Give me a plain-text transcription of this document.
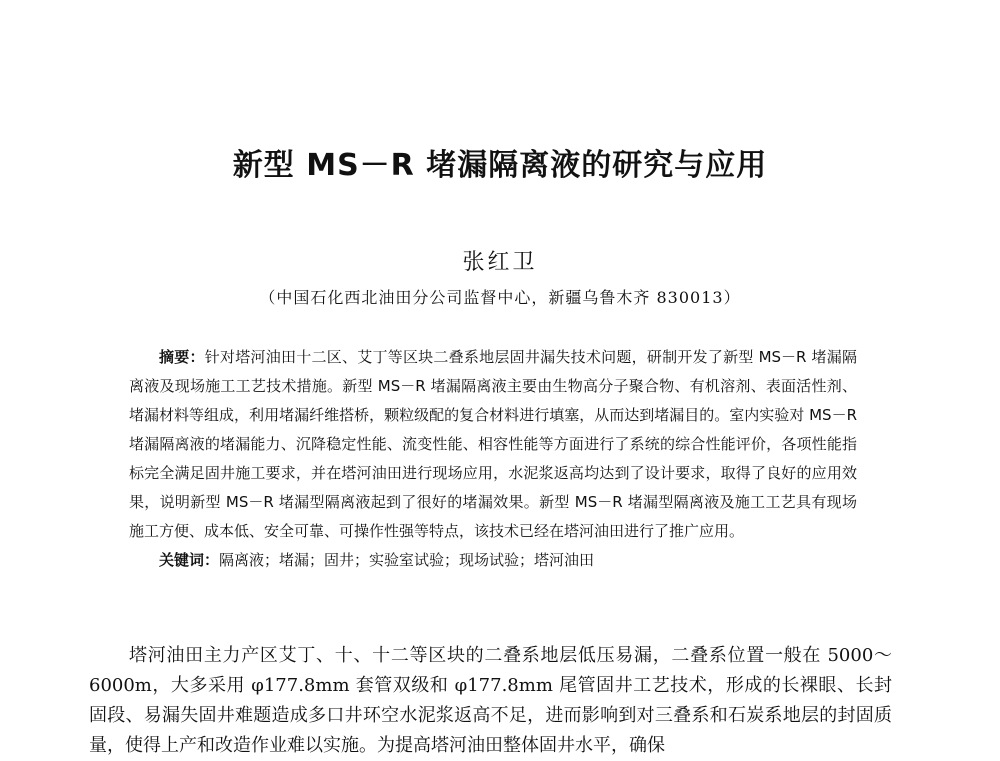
新型 MS－R 堵漏隔离液的研究与应用
张红卫
（中国石化西北油田分公司监督中心，新疆乌鲁木齐 830013）

摘要：针对塔河油田十二区、艾丁等区块二叠系地层固井漏失技术问题，研制开发了新型 MS－R 堵漏隔离液及现场施工工艺技术措施。新型 MS－R 堵漏隔离液主要由生物高分子聚合物、有机溶剂、表面活性剂、堵漏材料等组成，利用堵漏纤维搭桥，颗粒级配的复合材料进行填塞，从而达到堵漏目的。室内实验对 MS－R 堵漏隔离液的堵漏能力、沉降稳定性能、流变性能、相容性能等方面进行了系统的综合性能评价，各项性能指标完全满足固井施工要求，并在塔河油田进行现场应用，水泥浆返高均达到了设计要求，取得了良好的应用效果，说明新型 MS－R 堵漏型隔离液起到了很好的堵漏效果。新型 MS－R 堵漏型隔离液及施工工艺具有现场施工方便、成本低、安全可靠、可操作性强等特点，该技术已经在塔河油田进行了推广应用。

关键词：隔离液；堵漏；固井；实验室试验；现场试验；塔河油田

塔河油田主力产区艾丁、十、十二等区块的二叠系地层低压易漏，二叠系位置一般在 5000～6000m，大多采用 φ177.8mm 套管双级和 φ177.8mm 尾管固井工艺技术，形成的长裸眼、长封固段、易漏失固井难题造成多口井环空水泥浆返高不足，进而影响到对三叠系和石炭系地层的封固质量，使得上产和改造作业难以实施。为提高塔河油田整体固井水平，确保
